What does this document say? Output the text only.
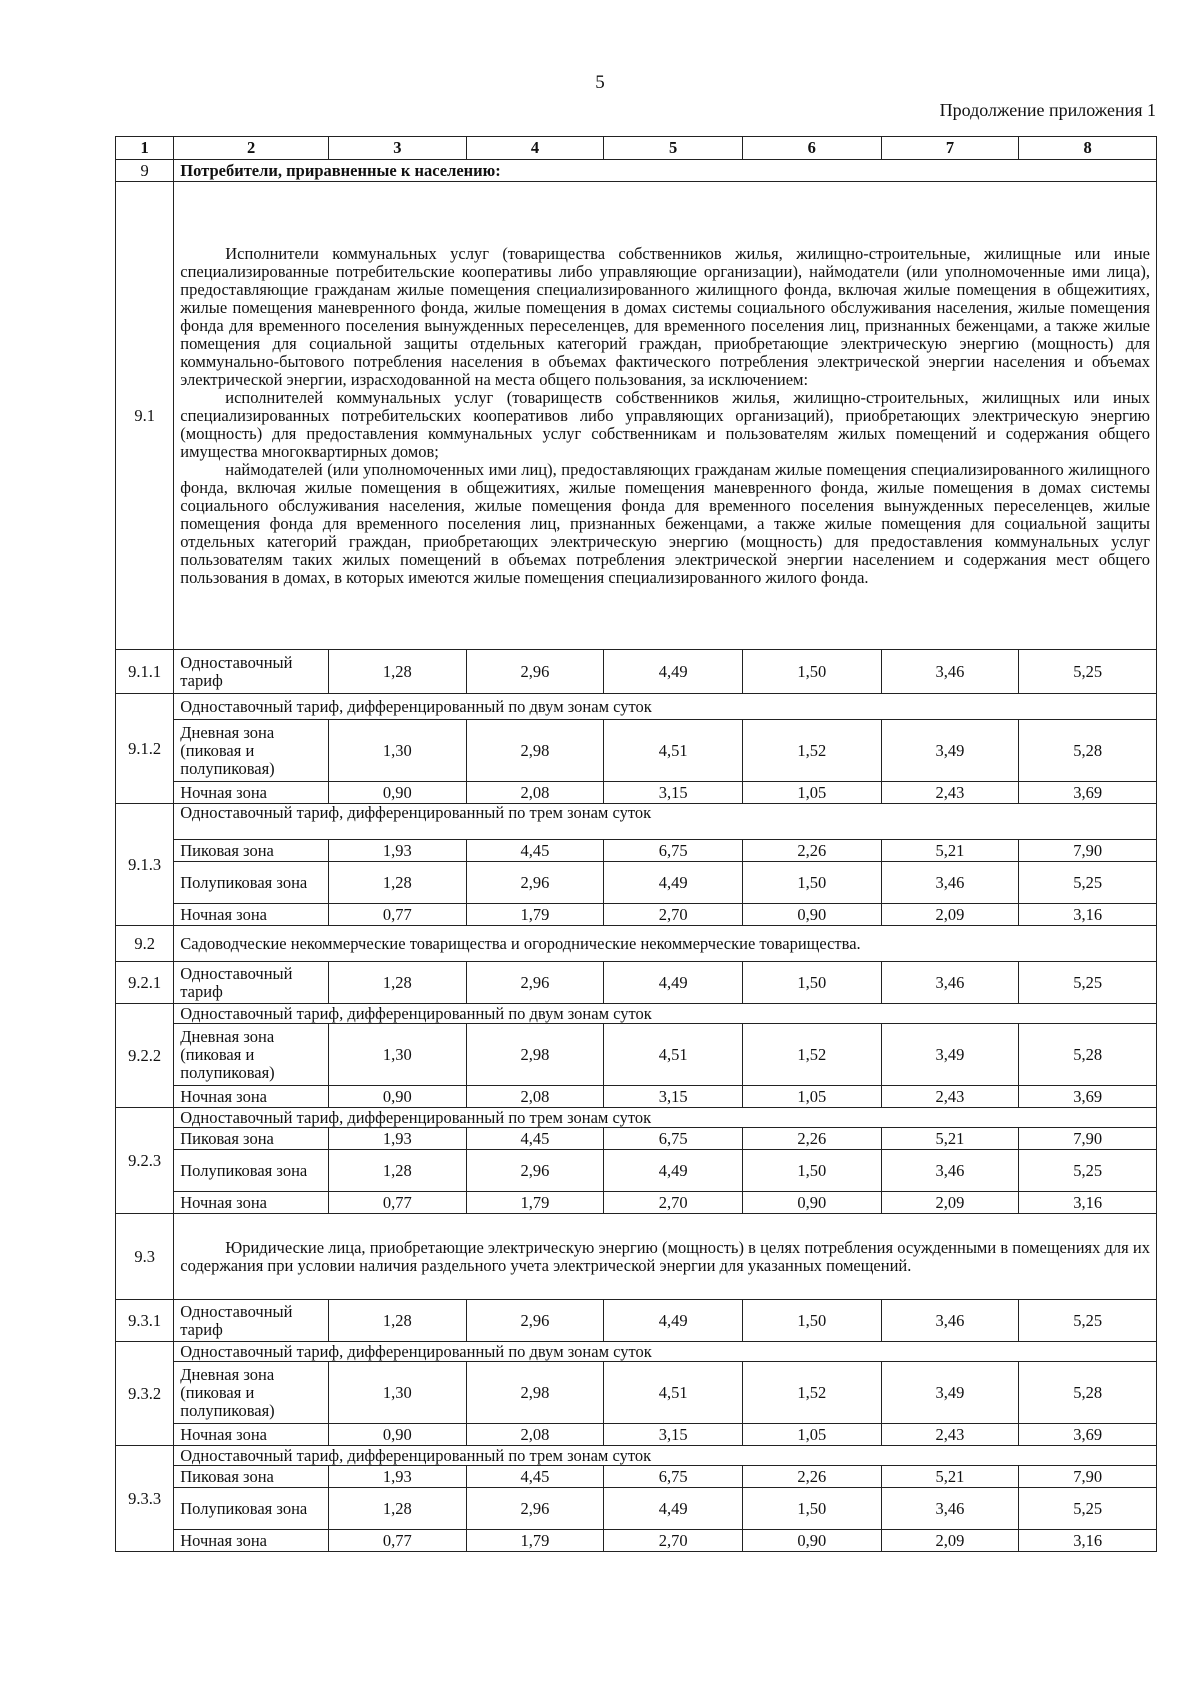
5
Продолжение приложения 1
1	2	3	4	5	6	7	8
9	Потребители, приравненные к населению:						
9.1	Исполнители коммунальных услуг (товарищества собственников жилья, жилищно-строительные, жилищные или иные специализированные потребительские кооперативы либо управляющие организации), наймодатели (или уполномоченные ими лица), предоставляющие гражданам жилые помещения специализированного жилищного фонда, включая жилые помещения в общежитиях, жилые помещения маневренного фонда, жилые помещения в домах системы социального обслуживания населения, жилые помещения фонда для временного поселения вынужденных переселенцев, для временного поселения лиц, признанных беженцами, а также жилые помещения для социальной защиты отдельных категорий граждан, приобретающие электрическую энергию (мощность) для коммунально-бытового потребления населения в объемах фактического потребления электрической энергии населения и объемах электрической энергии, израсходованной на места общего пользования, за исключением:

исполнителей коммунальных услуг (товариществ собственников жилья, жилищно-строительных, жилищных или иных специализированных потребительских кооперативов либо управляющих организаций), приобретающих электрическую энергию (мощность) для предоставления коммунальных услуг собственникам и пользователям жилых помещений и содержания общего имущества многоквартирных домов;

наймодателей (или уполномоченных ими лиц), предоставляющих гражданам жилые помещения специализированного жилищного фонда, включая жилые помещения в общежитиях, жилые помещения маневренного фонда, жилые помещения в домах системы социального обслуживания населения, жилые помещения фонда для временного поселения вынужденных переселенцев, жилые помещения фонда для временного поселения лиц, признанных беженцами, а также жилые помещения для социальной защиты отдельных категорий граждан, приобретающих электрическую энергию (мощность) для предоставления коммунальных услуг пользователям таких жилых помещений в объемах потребления электрической энергии населением и содержания мест общего пользования в домах, в которых имеются жилые помещения специализированного жилого фонда.						

9.1.1	Одноставочный тариф	1,28	2,96	4,49	1,50	3,46	5,25
9.1.2	Одноставочный тариф, дифференцированный по двум зонам суток						
	Дневная зона (пиковая и полупиковая)	1,30	2,98	4,51	1,52	3,49	5,28
	Ночная зона	0,90	2,08	3,15	1,05	2,43	3,69
9.1.3	Одноставочный тариф, дифференцированный по трем зонам суток						
	Пиковая зона	1,93	4,45	6,75	2,26	5,21	7,90
	Полупиковая зона	1,28	2,96	4,49	1,50	3,46	5,25
	Ночная зона	0,77	1,79	2,70	0,90	2,09	3,16
9.2	Садоводческие некоммерческие товарищества и огороднические некоммерческие товарищества.						
9.2.1	Одноставочный тариф	1,28	2,96	4,49	1,50	3,46	5,25
9.2.2	Одноставочный тариф, дифференцированный по двум зонам суток						
	Дневная зона (пиковая и полупиковая)	1,30	2,98	4,51	1,52	3,49	5,28
	Ночная зона	0,90	2,08	3,15	1,05	2,43	3,69
9.2.3	Одноставочный тариф, дифференцированный по трем зонам суток						
	Пиковая зона	1,93	4,45	6,75	2,26	5,21	7,90
	Полупиковая зона	1,28	2,96	4,49	1,50	3,46	5,25
	Ночная зона	0,77	1,79	2,70	0,90	2,09	3,16
9.3	Юридические лица, приобретающие электрическую энергию (мощность) в целях потребления осужденными в помещениях для их содержания при условии наличия раздельного учета электрической энергии для указанных помещений.						

9.3.1	Одноставочный тариф	1,28	2,96	4,49	1,50	3,46	5,25
9.3.2	Одноставочный тариф, дифференцированный по двум зонам суток						
	Дневная зона (пиковая и полупиковая)	1,30	2,98	4,51	1,52	3,49	5,28
	Ночная зона	0,90	2,08	3,15	1,05	2,43	3,69
9.3.3	Одноставочный тариф, дифференцированный по трем зонам суток						
	Пиковая зона	1,93	4,45	6,75	2,26	5,21	7,90
	Полупиковая зона	1,28	2,96	4,49	1,50	3,46	5,25
	Ночная зона	0,77	1,79	2,70	0,90	2,09	3,16
